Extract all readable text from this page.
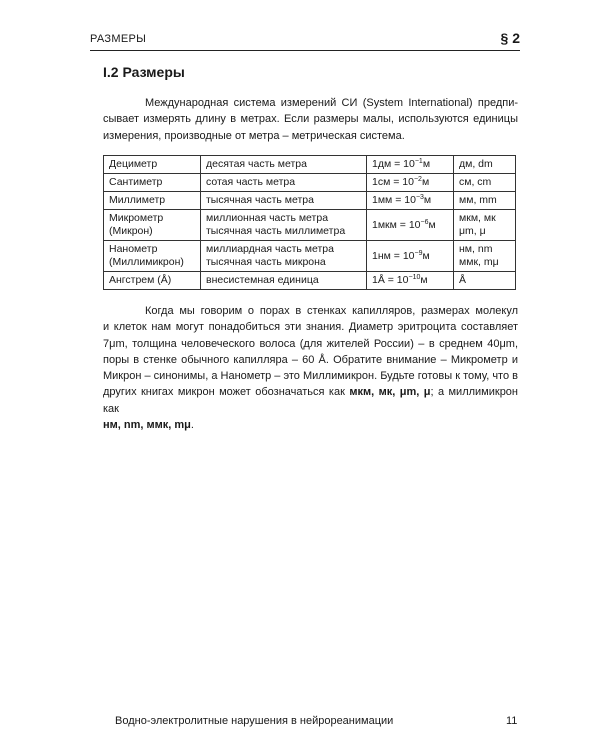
РАЗМЕРЫ	§ 2
I.2 Размеры
Международная система измерений СИ (System International) предпи-
сывает измерять длину в метрах. Если размеры малы, используются единицы
измерения, производные от метра – метрическая система.
Дециметр	десятая часть метра	$1дм = 10^{-1}м$	дм, dm

Сантиметр	сотая часть метра	$1см = 10^{-2}м$	см, cm

Миллиметр	тысячная часть метра	$1мм = 10^{-3}м$	мм, mm

Микрометр
(Микрон)	миллионная часть метра
тысячная часть миллиметра	$1мкм = 10^{-6}м$	мкм, мк
μm, μ

Нанометр
(Миллимикрон)	миллиардная часть метра
тысячная часть микрона	$1нм = 10^{-9}м$	нм, nm
ммк, mμ

Ангстрем (Å)	внесистемная единица	1Å = $10^{-10}м$	Å
Когда мы говорим о порах в стенках капилляров, размерах молекул
и клеток нам могут понадобиться эти знания. Диаметр эритроцита составляет
7μm, толщина человеческого волоса (для жителей России) – в среднем 40μm,
поры в стенке обычного капилляра – 60 Å. Обратите внимание – Микрометр и
Микрон – синонимы, а Нанометр – это Миллимикрон. Будьте готовы к тому, что в
других книгах микрон может обозначаться как мкм, мк, μm, μ; а миллимикрон как
нм, nm, ммк, mμ.
Водно-электролитные нарушения в нейрореанимации	11
